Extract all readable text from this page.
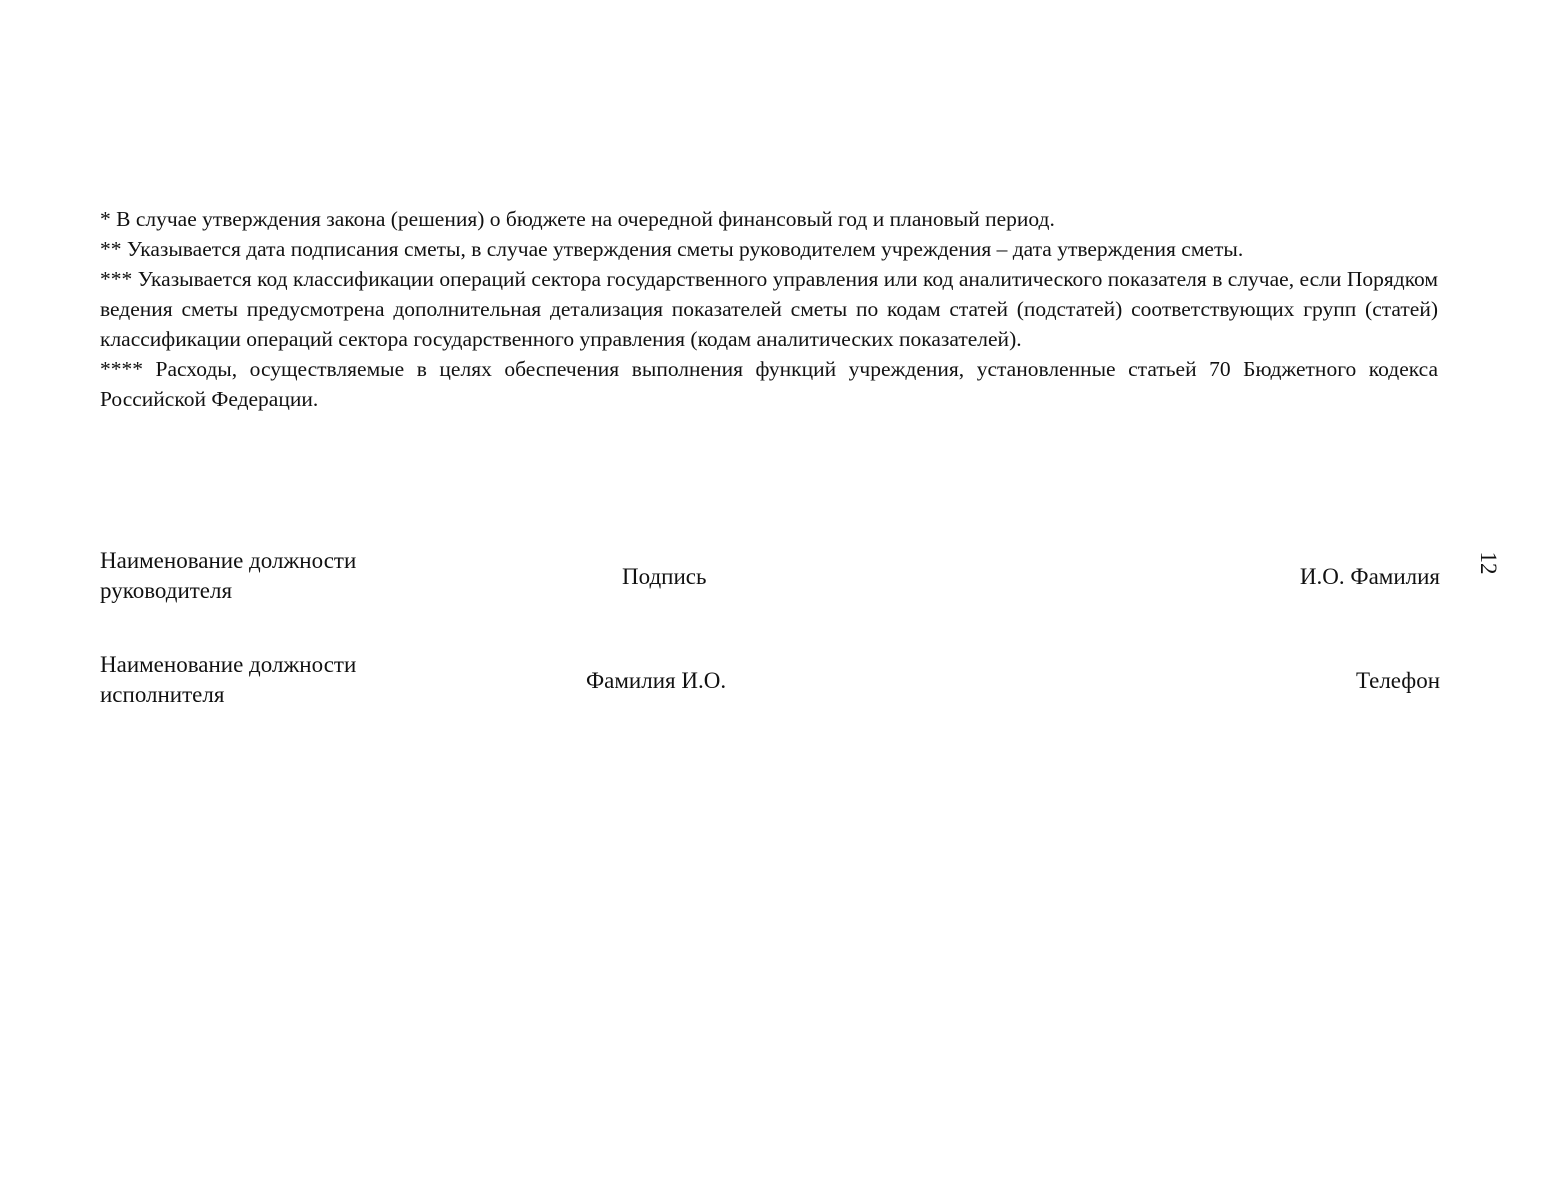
* В случае утверждения закона (решения) о бюджете на очередной финансовый год и плановый период.

** Указывается дата подписания сметы, в случае утверждения сметы руководителем учреждения – дата утверждения сметы.

*** Указывается код классификации операций сектора государственного управления или код аналитического показателя в случае, если Порядком ведения сметы предусмотрена дополнительная детализация показателей сметы по кодам статей (подстатей) соответствующих групп (статей) классификации операций сектора государственного управления (кодам аналитических показателей).

**** Расходы, осуществляемые в целях обеспечения выполнения функций учреждения, установленные статьей 70 Бюджетного кодекса Российской Федерации.

Наименование должности
руководителя
Подпись	И.О. Фамилия
Наименование должности
исполнителя
Фамилия И.О.	Телефон
12
